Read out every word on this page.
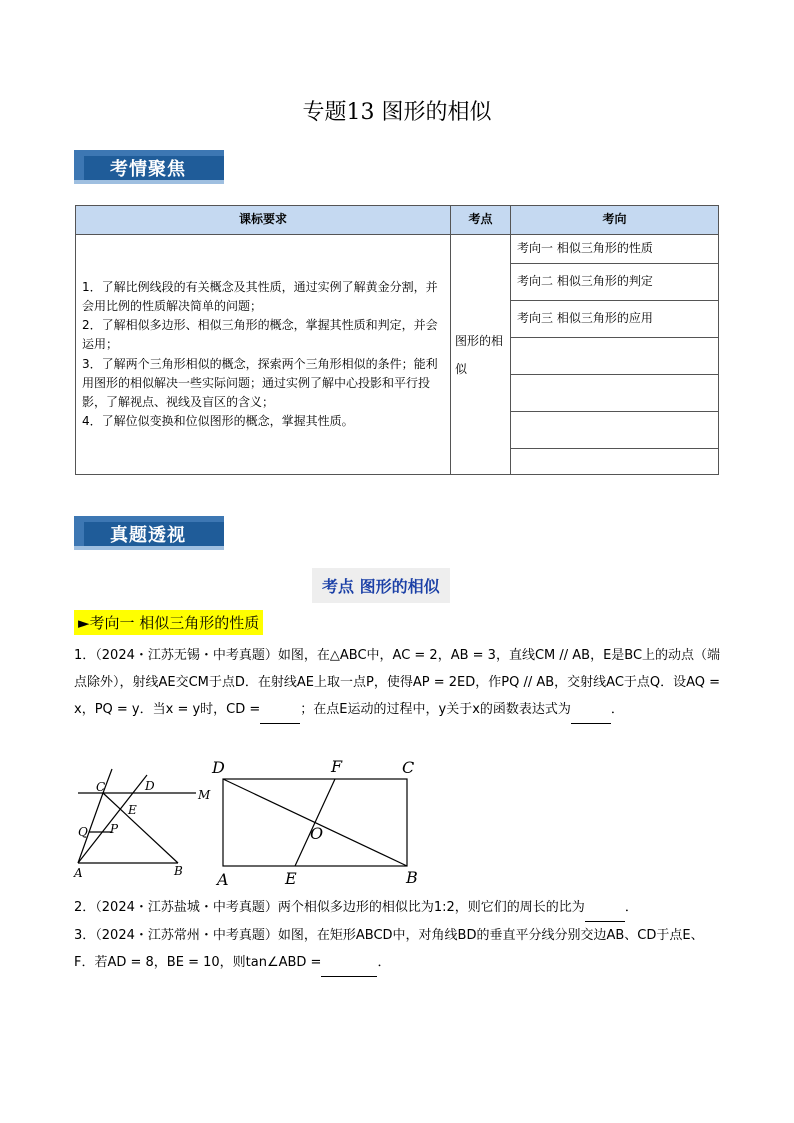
专题13 图形的相似
考情聚焦
课标要求	考点	考向

1．了解比例线段的有关概念及其性质，通过实例了解黄金分割，并会用比例的性质解决简单的问题；
2．了解相似多边形、相似三角形的概念，掌握其性质和判定，并会运用；
3．了解两个三角形相似的概念，探索两个三角形相似的条件；能利用图形的相似解决一些实际问题；通过实例了解中心投影和平行投影，了解视点、视线及盲区的含义；
4．了解位似变换和位似图形的概念，掌握其性质。	图形的相似	考向一 相似三角形的性质
		考向二 相似三角形的判定
		考向三 相似三角形的应用

真题透视
考点 图形的相似
►考向一 相似三角形的性质
1．（2024・江苏无锡・中考真题）如图，在△ABC中，AC = 2，AB = 3，直线CM // AB，E是BC上的动点（端点除外），射线AE交CM于点D．在射线AE上取一点P，使得AP = 2ED，作PQ // AB，交射线AC于点Q．设AQ = x，PQ = y．当x = y时，CD =	；在点E运动的过程中，y关于x的函数表达式为	．
C	D
M
E
Q P
A	B
D	F	C
O
A	E	B
2．（2024・江苏盐城・中考真题）两个相似多边形的相似比为1:2，则它们的周长的比为	．
3．（2024・江苏常州・中考真题）如图，在矩形ABCD中，对角线BD的垂直平分线分别交边AB、CD于点E、F．若AD = 8，BE = 10，则tan∠ABD =	．
